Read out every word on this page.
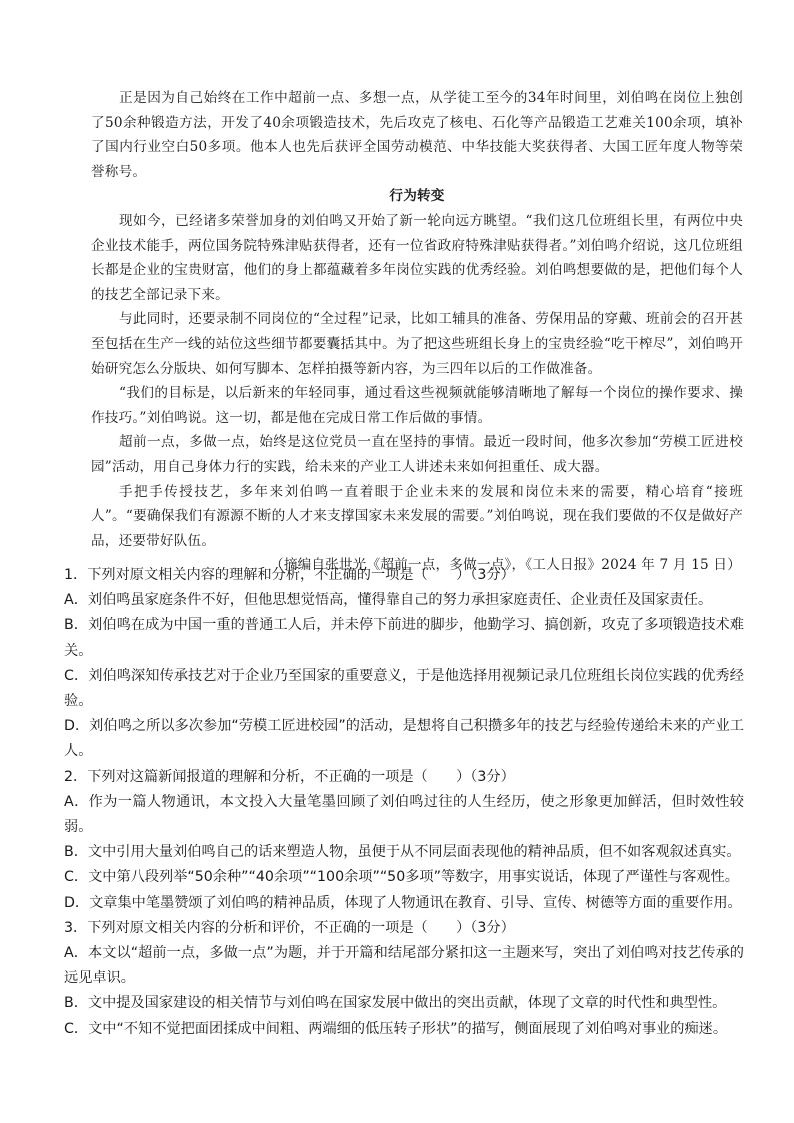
正是因为自己始终在工作中超前一点、多想一点，从学徒工至今的34年时间里，刘伯鸣在岗位上独创了50余种锻造方法，开发了40余项锻造技术，先后攻克了核电、石化等产品锻造工艺难关100余项，填补了国内行业空白50多项。他本人也先后获评全国劳动模范、中华技能大奖获得者、大国工匠年度人物等荣誉称号。

行为转变

现如今，已经诸多荣誉加身的刘伯鸣又开始了新一轮向远方眺望。“我们这几位班组长里，有两位中央企业技术能手，两位国务院特殊津贴获得者，还有一位省政府特殊津贴获得者。”刘伯鸣介绍说，这几位班组长都是企业的宝贵财富，他们的身上都蕴藏着多年岗位实践的优秀经验。刘伯鸣想要做的是，把他们每个人的技艺全部记录下来。

与此同时，还要录制不同岗位的“全过程”记录，比如工辅具的准备、劳保用品的穿戴、班前会的召开甚至包括在生产一线的站位这些细节都要囊括其中。为了把这些班组长身上的宝贵经验“吃干榨尽”，刘伯鸣开始研究怎么分版块、如何写脚本、怎样拍摄等新内容，为三四年以后的工作做准备。

“我们的目标是，以后新来的年轻同事，通过看这些视频就能够清晰地了解每一个岗位的操作要求、操作技巧。”刘伯鸣说。这一切，都是他在完成日常工作后做的事情。

超前一点，多做一点，始终是这位党员一直在坚持的事情。最近一段时间，他多次参加“劳模工匠进校园”活动，用自己身体力行的实践，给未来的产业工人讲述未来如何担重任、成大器。

手把手传授技艺，多年来刘伯鸣一直着眼于企业未来的发展和岗位未来的需要，精心培育“接班人”。“要确保我们有源源不断的人才来支撑国家未来发展的需要。”刘伯鸣说，现在我们要做的不仅是做好产品，还要带好队伍。

（摘编自张世光《超前一点，多做一点》，《工人日报》2024 年 7 月 15 日）

1．下列对原文相关内容的理解和分析，不正确的一项是（　　）（3分）

A．刘伯鸣虽家庭条件不好，但他思想觉悟高，懂得靠自己的努力承担家庭责任、企业责任及国家责任。

B．刘伯鸣在成为中国一重的普通工人后，并未停下前进的脚步，他勤学习、搞创新，攻克了多项锻造技术难关。

C．刘伯鸣深知传承技艺对于企业乃至国家的重要意义，于是他选择用视频记录几位班组长岗位实践的优秀经验。

D．刘伯鸣之所以多次参加“劳模工匠进校园”的活动，是想将自己积攒多年的技艺与经验传递给未来的产业工人。

2．下列对这篇新闻报道的理解和分析，不正确的一项是（　　）（3分）

A．作为一篇人物通讯，本文投入大量笔墨回顾了刘伯鸣过往的人生经历，使之形象更加鲜活，但时效性较弱。

B．文中引用大量刘伯鸣自己的话来塑造人物，虽便于从不同层面表现他的精神品质，但不如客观叙述真实。

C．文中第八段列举“50余种”“40余项”“100余项”“50多项”等数字，用事实说话，体现了严谨性与客观性。

D．文章集中笔墨赞颂了刘伯鸣的精神品质，体现了人物通讯在教育、引导、宣传、树德等方面的重要作用。

3．下列对原文相关内容的分析和评价，不正确的一项是（　　）（3分）

A．本文以“超前一点，多做一点”为题，并于开篇和结尾部分紧扣这一主题来写，突出了刘伯鸣对技艺传承的远见卓识。

B．文中提及国家建设的相关情节与刘伯鸣在国家发展中做出的突出贡献，体现了文章的时代性和典型性。

C．文中“不知不觉把面团揉成中间粗、两端细的低压转子形状”的描写，侧面展现了刘伯鸣对事业的痴迷。
